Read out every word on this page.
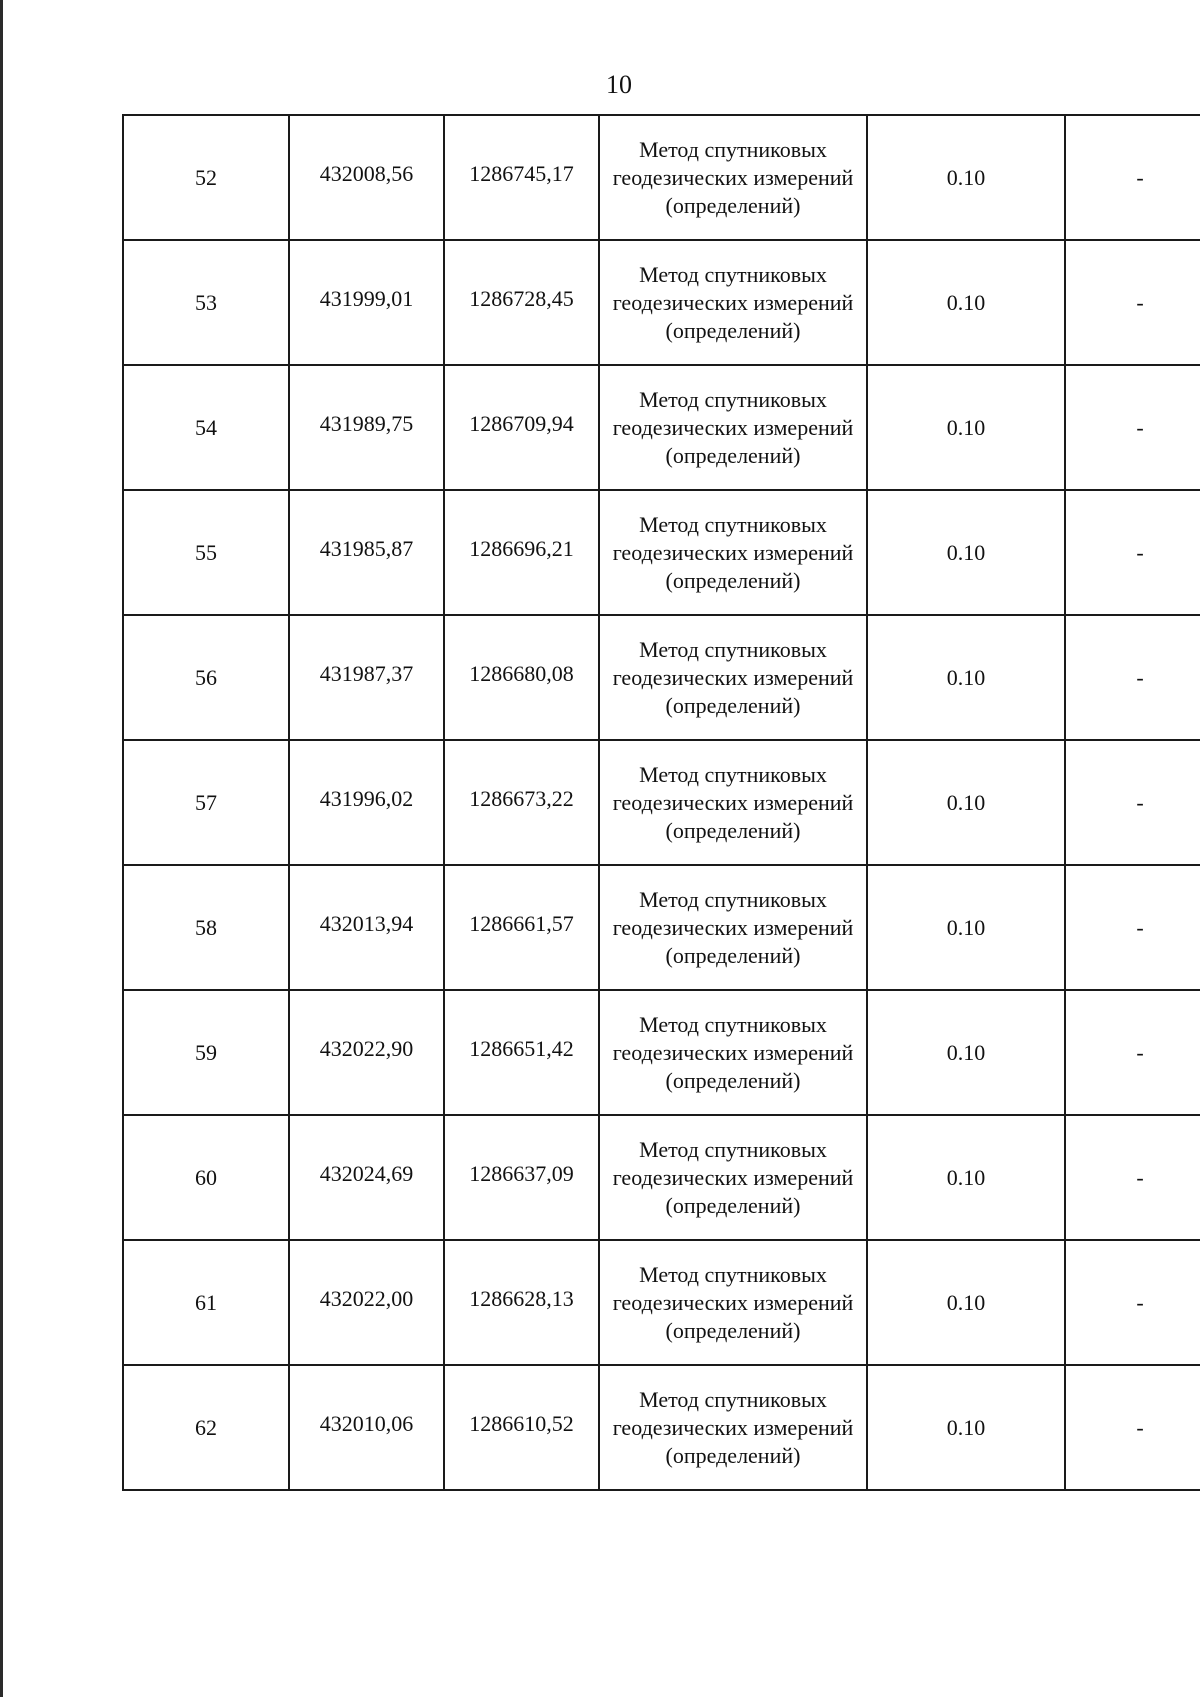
10
52	432008,56	1286745,17	Метод спутниковых геодезических измерений (определений)	0.10	-
53	431999,01	1286728,45	Метод спутниковых геодезических измерений (определений)	0.10	-
54	431989,75	1286709,94	Метод спутниковых геодезических измерений (определений)	0.10	-
55	431985,87	1286696,21	Метод спутниковых геодезических измерений (определений)	0.10	-
56	431987,37	1286680,08	Метод спутниковых геодезических измерений (определений)	0.10	-
57	431996,02	1286673,22	Метод спутниковых геодезических измерений (определений)	0.10	-
58	432013,94	1286661,57	Метод спутниковых геодезических измерений (определений)	0.10	-
59	432022,90	1286651,42	Метод спутниковых геодезических измерений (определений)	0.10	-
60	432024,69	1286637,09	Метод спутниковых геодезических измерений (определений)	0.10	-
61	432022,00	1286628,13	Метод спутниковых геодезических измерений (определений)	0.10	-
62	432010,06	1286610,52	Метод спутниковых геодезических измерений (определений)	0.10	-
